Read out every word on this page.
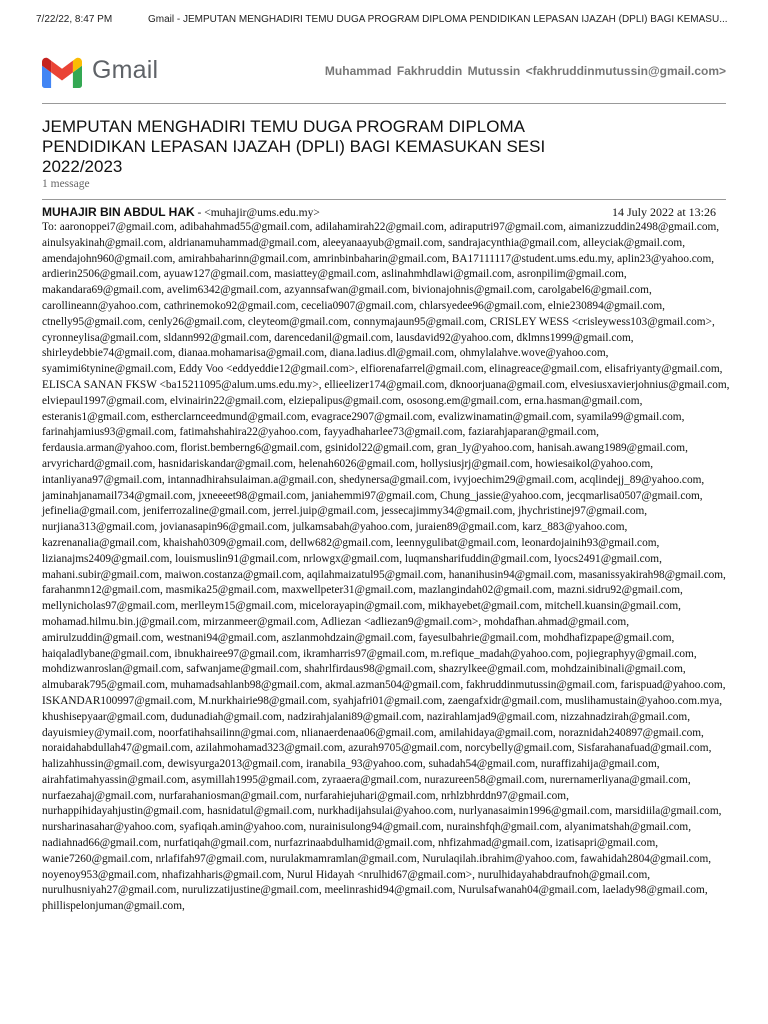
7/22/22, 8:47 PM	Gmail - JEMPUTAN MENGHADIRI TEMU DUGA PROGRAM DIPLOMA PENDIDIKAN LEPASAN IJAZAH (DPLI) BAGI KEMASU...
Gmail	Muhammad Fakhruddin Mutussin <fakhruddinmutussin@gmail.com>
JEMPUTAN MENGHADIRI TEMU DUGA PROGRAM DIPLOMA PENDIDIKAN LEPASAN IJAZAH (DPLI) BAGI KEMASUKAN SESI 2022/2023
1 message
MUHAJIR BIN ABDUL HAK - <muhajir@ums.edu.my>	14 July 2022 at 13:26

To: aaronoppei7@gmail.com, adibahahmad55@gmail.com, adilahamirah22@gmail.com, adiraputri97@gmail.com, aimanizzuddin2498@gmail.com, ainulsyakinah@gmail.com, aldrianamuhammad@gmail.com, aleeyanaayub@gmail.com, sandrajacynthia@gmail.com, alleyciak@gmail.com, amendajohn960@gmail.com, amirahbaharinn@gmail.com, amrinbinbaharin@gmail.com, BA17111117@student.ums.edu.my, aplin23@yahoo.com, ardierin2506@gmail.com, ayuaw127@gmail.com, masiattey@gmail.com, aslinahmhdlawi@gmail.com, asronpilim@gmail.com, makandara69@gmail.com, avelim6342@gmail.com, azyannsafwan@gmail.com, bivionajohnis@gmail.com, carolgabel6@gmail.com, carollineann@yahoo.com, cathrinemoko92@gmail.com, cecelia0907@gmail.com, chlarsyedee96@gmail.com, elnie230894@gmail.com, ctnelly95@gmail.com, cenly26@gmail.com, cleyteom@gmail.com, connymajaun95@gmail.com, CRISLEY WESS <crisleywess103@gmail.com>, cyronneylisa@gmail.com, sldann992@gmail.com, darencedanil@gmail.com, lausdavid92@yahoo.com, dklmns1999@gmail.com, shirleydebbie74@gmail.com, dianaa.mohamarisa@gmail.com, diana.ladius.dl@gmail.com, ohmylalahve.wove@yahoo.com, syamimi6tynine@gmail.com, Eddy Voo <eddyeddie12@gmail.com>, elfiorenafarrel@gmail.com, elinagreace@gmail.com, elisafriyanty@gmail.com, ELISCA SANAN FKSW <ba15211095@alum.ums.edu.my>, ellieelizer174@gmail.com, dknoorjuana@gmail.com, elvesiusxavierjohnius@gmail.com, elviepaul1997@gmail.com, elvinairin22@gmail.com, elziepalipus@gmail.com, ososong.em@gmail.com, erna.hasman@gmail.com, esteranis1@gmail.com, estherclarnceedmund@gmail.com, evagrace2907@gmail.com, evalizwinamatin@gmail.com, syamila99@gmail.com, farinahjamius93@gmail.com, fatimahshahira22@yahoo.com, fayyadhaharlee73@gmail.com, faziarahjaparan@gmail.com, ferdausia.arman@yahoo.com, florist.bemberng6@gmail.com, gsinidol22@gmail.com, gran_ly@yahoo.com, hanisah.awang1989@gmail.com, arvyrichard@gmail.com, hasnidariskandar@gmail.com, helenah6026@gmail.com, hollysiusjrj@gmail.com, howiesaikol@yahoo.com, intanliyana97@gmail.com, intannadhirahsulaiman.a@gmail.con, shedynersa@gmail.com, ivyjoechim29@gmail.com, acqlindejj_89@yahoo.com, jaminahjanamail734@gmail.com, jxneeeet98@gmail.com, janiahemmi97@gmail.com, Chung_jassie@yahoo.com, jecqmarlisa0507@gmail.com, jefinelia@gmail.com, jeniferrozaline@gmail.com, jerrel.juip@gmail.com, jessecajimmy34@gmail.com, jhychristinej97@gmail.com, nurjiana313@gmail.com, jovianasapin96@gmail.com, julkamsabah@yahoo.com, juraien89@gmail.com, karz_883@yahoo.com, kazrenanalia@gmail.com, khaishah0309@gmail.com, dellw682@gmail.com, leennygulibat@gmail.com, leonardojainih93@gmail.com, lizianajms2409@gmail.com, louismuslin91@gmail.com, nrlowgx@gmail.com, luqmansharifuddin@gmail.com, lyocs2491@gmail.com, mahani.subir@gmail.com, maiwon.costanza@gmail.com, aqilahmaizatul95@gmail.com, hananihusin94@gmail.com, masanissyakirah98@gmail.com, farahanmn12@gmail.com, masmika25@gmail.com, maxwellpeter31@gmail.com, mazlangindah02@gmail.com, mazni.sidru92@gmail.com, mellynicholas97@gmail.com, merlleym15@gmail.com, micelorayapin@gmail.com, mikhayebet@gmail.com, mitchell.kuansin@gmail.com, mohamad.hilmu.bin.j@gmail.com, mirzanmeer@gmail.com, Adliezan <adliezan9@gmail.com>, mohdafhan.ahmad@gmail.com, amirulzuddin@gmail.com, westnani94@gmail.com, aszlanmohdzain@gmail.com, fayesulbahrie@gmail.com, mohdhafizpape@gmail.com, haiqaladlybane@gmail.com, ibnukhairee97@gmail.com, ikramharris97@gmail.com, m.refique_madah@yahoo.com, pojiegraphyy@gmail.com, mohdizwanroslan@gmail.com, safwanjame@gmail.com, shahrlfirdaus98@gmail.com, shazrylkee@gmail.com, mohdzainibinali@gmail.com, almubarak795@gmail.com, muhamadsahlanb98@gmail.com, akmal.azman504@gmail.com, fakhruddinmutussin@gmail.com, farispuad@yahoo.com, ISKANDAR100997@gmail.com, M.nurkhairie98@gmail.com, syahjafri01@gmail.com, zaengafxidr@gmail.com, muslihamustain@yahoo.com.mya, khushisepyaar@gmail.com, dudunadiah@gmail.com, nadzirahjalani89@gmail.com, nazirahlamjad9@gmail.com, nizzahnadzirah@gmail.com, dayuismiey@ymail.com, noorfatihahsailinn@gmai.com, nlianaerdenaa06@gmail.com, amilahidaya@gmail.com, noraznidah240897@gmail.com, noraidahabdullah47@gmail.com, azilahmohamad323@gmail.com, azurah9705@gmail.com, norcybelly@gmail.com, Sisfarahanafuad@gmail.com, halizahhussin@gmail.com, dewisyurga2013@gmail.com, iranabila_93@yahoo.com, suhadah54@gmail.com, nuraffizahija@gmail.com, airahfatimahyassin@gmail.com, asymillah1995@gmail.com, zyraaera@gmail.com, nurazureen58@gmail.com, nurernamerliyana@gmail.com, nurfaezahaj@gmail.com, nurfarahaniosman@gmail.com, nurfarahiejuhari@gmail.com, nrhlzbhrddn97@gmail.com, nurhappihidayahjustin@gmail.com, hasnidatul@gmail.com, nurkhadijahsulai@yahoo.com, nurlyanasaimin1996@gmail.com, marsidiila@gmail.com, nursharinasahar@yahoo.com, syafiqah.amin@yahoo.com, nurainisulong94@gmail.com, nurainshfqh@gmail.com, alyanimatshah@gmail.com, nadiahnad66@gmail.com, nurfatiqah@gmail.com, nurfazrinaabdulhamid@gmail.com, nhfizahmad@gmail.com, izatisapri@gmail.com, wanie7260@gmail.com, nrlafifah97@gmail.com, nurulakmamramlan@gmail.com, Nurulaqilah.ibrahim@yahoo.com, fawahidah2804@gmail.com, noyenoy953@gmail.com, nhafizahharis@gmail.com, Nurul Hidayah <nrulhid67@gmail.com>, nurulhidayahabdraufnoh@gmail.com, nurulhusniyah27@gmail.com, nurulizzatijustine@gmail.com, meelinrashid94@gmail.com, Nurulsafwanah04@gmail.com, laelady98@gmail.com, phillispelonjuman@gmail.com,
